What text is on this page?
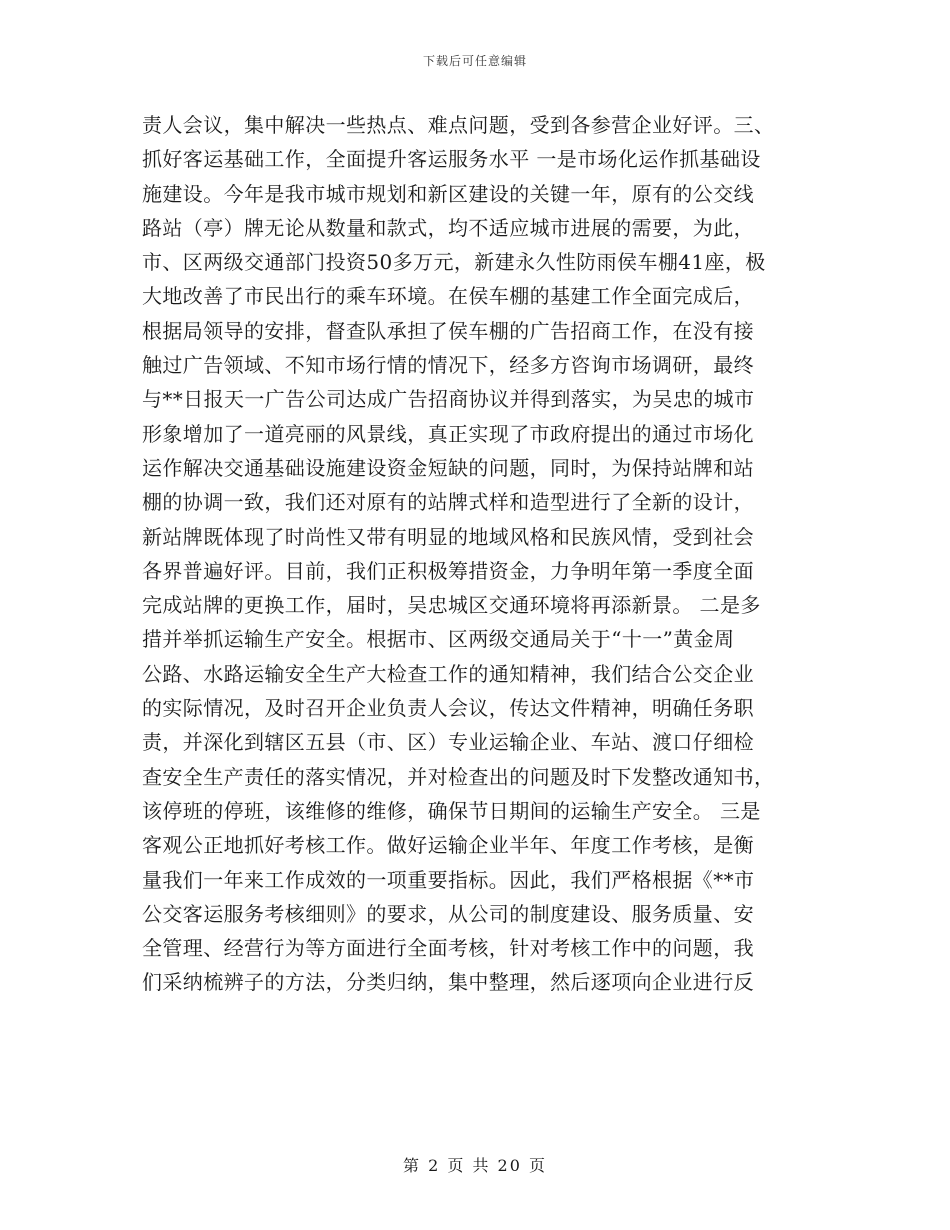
下载后可任意编辑
责人会议，集中解决一些热点、难点问题，受到各参营企业好评。三、
抓好客运基础工作，全面提升客运服务水平 一是市场化运作抓基础设
施建设。今年是我市城市规划和新区建设的关键一年，原有的公交线
路站（亭）牌无论从数量和款式，均不适应城市进展的需要，为此，
市、区两级交通部门投资50多万元，新建永久性防雨侯车棚41座，极
大地改善了市民出行的乘车环境。在侯车棚的基建工作全面完成后，
根据局领导的安排，督查队承担了侯车棚的广告招商工作，在没有接
触过广告领域、不知市场行情的情况下，经多方咨询市场调研，最终
与**日报天一广告公司达成广告招商协议并得到落实，为吴忠的城市
形象增加了一道亮丽的风景线，真正实现了市政府提出的通过市场化
运作解决交通基础设施建设资金短缺的问题，同时，为保持站牌和站
棚的协调一致，我们还对原有的站牌式样和造型进行了全新的设计，
新站牌既体现了时尚性又带有明显的地域风格和民族风情，受到社会
各界普遍好评。目前，我们正积极筹措资金，力争明年第一季度全面
完成站牌的更换工作，届时，吴忠城区交通环境将再添新景。 二是多
措并举抓运输生产安全。根据市、区两级交通局关于“十一”黄金周
公路、水路运输安全生产大检查工作的通知精神，我们结合公交企业
的实际情况，及时召开企业负责人会议，传达文件精神，明确任务职
责，并深化到辖区五县（市、区）专业运输企业、车站、渡口仔细检
查安全生产责任的落实情况，并对检查出的问题及时下发整改通知书，
该停班的停班，该维修的维修，确保节日期间的运输生产安全。 三是
客观公正地抓好考核工作。做好运输企业半年、年度工作考核，是衡
量我们一年来工作成效的一项重要指标。因此，我们严格根据《**市
公交客运服务考核细则》的要求，从公司的制度建设、服务质量、安
全管理、经营行为等方面进行全面考核，针对考核工作中的问题，我
们采纳梳辨子的方法，分类归纳，集中整理，然后逐项向企业进行反
第 2 页 共 20 页
